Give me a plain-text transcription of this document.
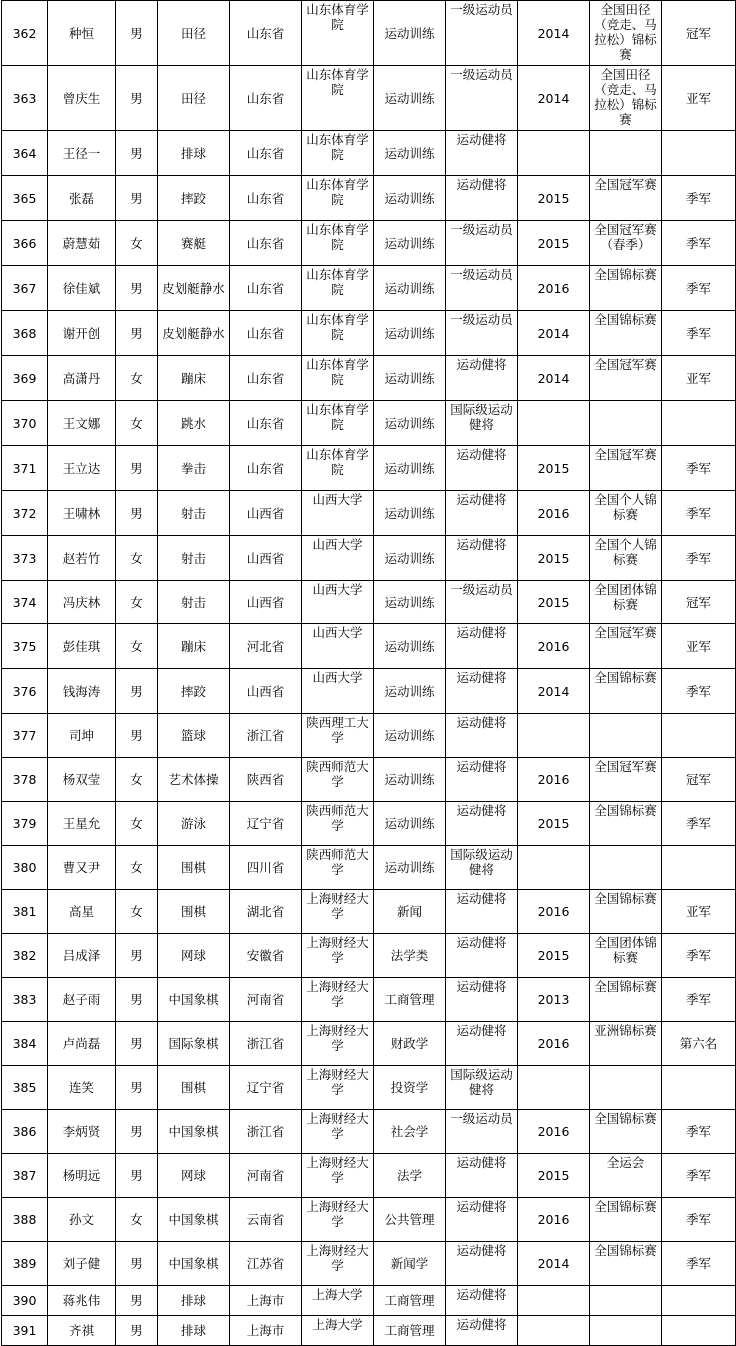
362	种恒	男	田径	山东省	山东体育学院	运动训练	一级运动员	2014	全国田径（竞走、马拉松）锦标赛	冠军
363	曾庆生	男	田径	山东省	山东体育学院	运动训练	一级运动员	2014	全国田径（竞走、马拉松）锦标赛	亚军
364	王径一	男	排球	山东省	山东体育学院	运动训练	运动健将			
365	张磊	男	摔跤	山东省	山东体育学院	运动训练	运动健将	2015	全国冠军赛	季军
366	蔚慧茹	女	赛艇	山东省	山东体育学院	运动训练	一级运动员	2015	全国冠军赛（春季）	季军
367	徐佳斌	男	皮划艇静水	山东省	山东体育学院	运动训练	一级运动员	2016	全国锦标赛	季军
368	谢开创	男	皮划艇静水	山东省	山东体育学院	运动训练	一级运动员	2014	全国锦标赛	季军
369	高潇丹	女	蹦床	山东省	山东体育学院	运动训练	运动健将	2014	全国冠军赛	亚军
370	王文娜	女	跳水	山东省	山东体育学院	运动训练	国际级运动健将			
371	王立达	男	拳击	山东省	山东体育学院	运动训练	运动健将	2015	全国冠军赛	季军
372	王啸林	男	射击	山西省	山西大学	运动训练	运动健将	2016	全国个人锦标赛	季军
373	赵若竹	女	射击	山西省	山西大学	运动训练	运动健将	2015	全国个人锦标赛	季军
374	冯庆林	女	射击	山西省	山西大学	运动训练	一级运动员	2015	全国团体锦标赛	冠军
375	彭佳琪	女	蹦床	河北省	山西大学	运动训练	运动健将	2016	全国冠军赛	亚军
376	钱海涛	男	摔跤	山西省	山西大学	运动训练	运动健将	2014	全国锦标赛	季军
377	司坤	男	篮球	浙江省	陕西理工大学	运动训练	运动健将			
378	杨双莹	女	艺术体操	陕西省	陕西师范大学	运动训练	运动健将	2016	全国冠军赛	冠军
379	王星允	女	游泳	辽宁省	陕西师范大学	运动训练	运动健将	2015	全国锦标赛	季军
380	曹又尹	女	围棋	四川省	陕西师范大学	运动训练	国际级运动健将			
381	高星	女	围棋	湖北省	上海财经大学	新闻	运动健将	2016	全国锦标赛	亚军
382	吕成泽	男	网球	安徽省	上海财经大学	法学类	运动健将	2015	全国团体锦标赛	季军
383	赵子雨	男	中国象棋	河南省	上海财经大学	工商管理	运动健将	2013	全国锦标赛	季军
384	卢尚磊	男	国际象棋	浙江省	上海财经大学	财政学	运动健将	2016	亚洲锦标赛	第六名
385	连笑	男	围棋	辽宁省	上海财经大学	投资学	国际级运动健将			
386	李炳贤	男	中国象棋	浙江省	上海财经大学	社会学	一级运动员	2016	全国锦标赛	季军
387	杨明远	男	网球	河南省	上海财经大学	法学	运动健将	2015	全运会	季军
388	孙文	女	中国象棋	云南省	上海财经大学	公共管理	运动健将	2016	全国锦标赛	季军
389	刘子健	男	中国象棋	江苏省	上海财经大学	新闻学	运动健将	2014	全国锦标赛	季军
390	蒋兆伟	男	排球	上海市	上海大学	工商管理	运动健将			
391	齐祺	男	排球	上海市	上海大学	工商管理	运动健将			
